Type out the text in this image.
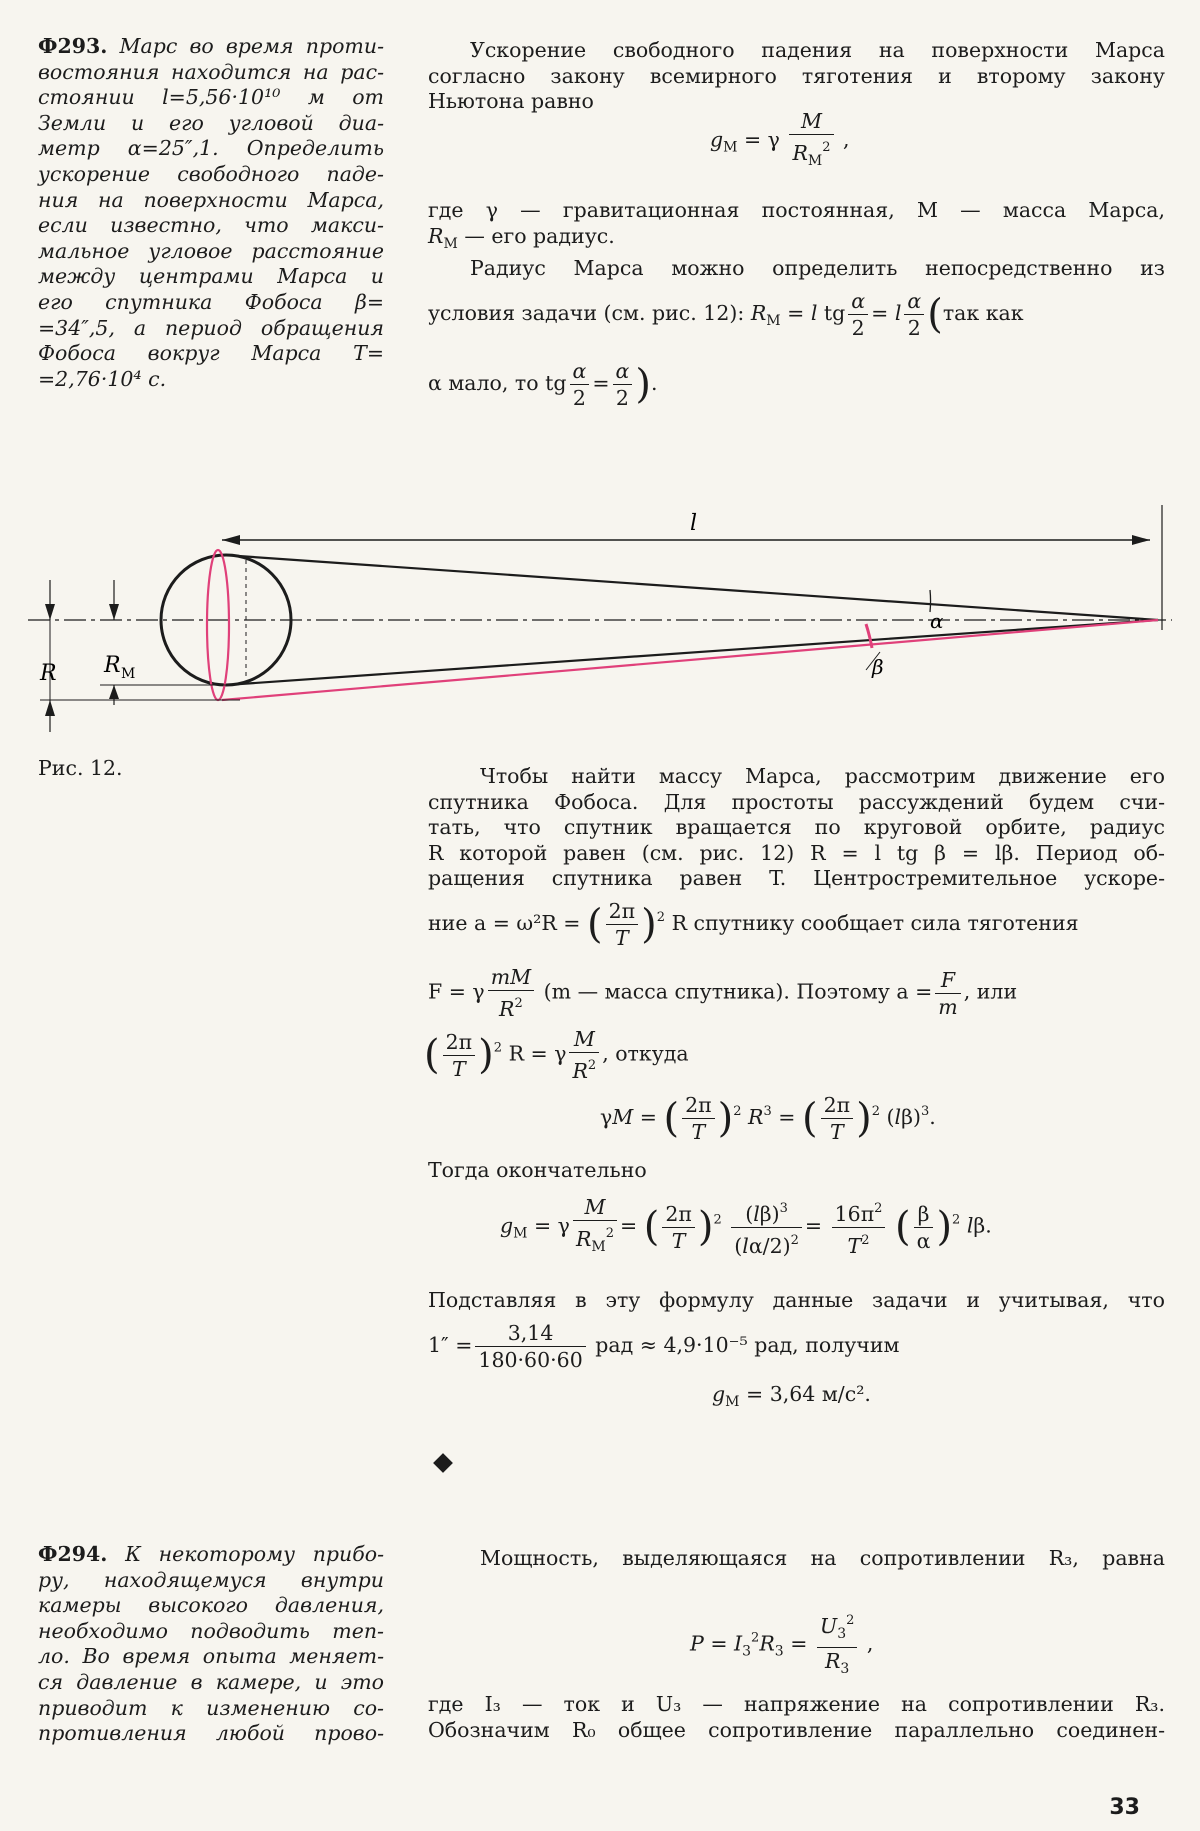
Ф293. Марс во время проти-
востояния находится на рас-
стоянии l=5,56·10¹⁰ м от
Земли и его угловой диа-
метр α=25″,1. Определить
ускорение свободного паде-
ния на поверхности Марса,
если известно, что макси-
мальное угловое расстояние
между центрами Марса и
его спутника Фобоса β=
=34″,5, а период обращения
Фобоса вокруг Марса T=
=2,76·10⁴ с.
Ускорение свободного падения на поверхности Марса
согласно закону всемирного тяготения и второму закону
Ньютона равно
$g_M = \gamma \frac{M}{R_M^2}$ ,
где γ — гравитационная постоянная, M — масса Марса,
$R_M$ — его радиус.
Радиус Марса можно определить непосредственно из
условия задачи (см. рис. 12): $R_M = l$ tg $\frac{\alpha}{2} = l \frac{\alpha}{2} (так$ как
α мало, то tg $\frac{\alpha}{2} = \frac{\alpha}{2}$ ).
l
α
β
R R M
Рис. 12.	Чтобы найти массу Марса, рассмотрим движение его
спутника Фобоса. Для простоты рассуждений будем счи-
тать, что спутник вращается по круговой орбите, радиус
R которой равен (см. рис. 12) R = l tg β = lβ. Период об-
ращения спутника равен T. Центростремительное ускоре-
ние a = ω²R = ( $\frac{2\pi}{T} )^2$ R спутнику сообщает сила тяготения
F = γ $\frac{mM}{R^2} (m$ — масса спутника). Поэтому $a = \frac{F}{m}$ , или
( $\frac{2\pi}{T} )^2$ R = γ $\frac{M}{R^2}$ , откуда
γM = ( $\frac{2\pi}{T} )^2$ $R^3$ = ( $\frac{2\pi}{T} )^2$ $(l\beta)^3$.
Тогда окончательно
$g_M = \gamma \frac{M}{R_M^2}$ = ( $\frac{2\pi}{T} )^2 \frac{(l\beta)^3}{(l\alpha/2)^2} = \frac{16\pi^2}{T^2}$ ( $\frac{\beta}{\alpha} )^2$ lβ.
Подставляя в эту формулу данные задачи и учитывая, что
$1'' = \frac{3,14}{180\cdot 60\cdot 60}$ рад ≈ 4,9·10⁻⁵ рад, получим
$g_M = 3,64$ м/с².
Ф294. К некоторому прибо-
ру, находящемуся внутри
камеры высокого давления,
необходимо подводить теп-
ло. Во время опыта меняет-
ся давление в камере, и это
приводит к изменению со-
противления любой прово-
Мощность, выделяющаяся на сопротивлении R₃, равна
$P = I_3^2R_3 = \frac{U_3^2}{R_3}$ ,
где I₃ — ток и U₃ — напряжение на сопротивлении R₃.
Обозначим R₀ общее сопротивление параллельно соединен-
33
